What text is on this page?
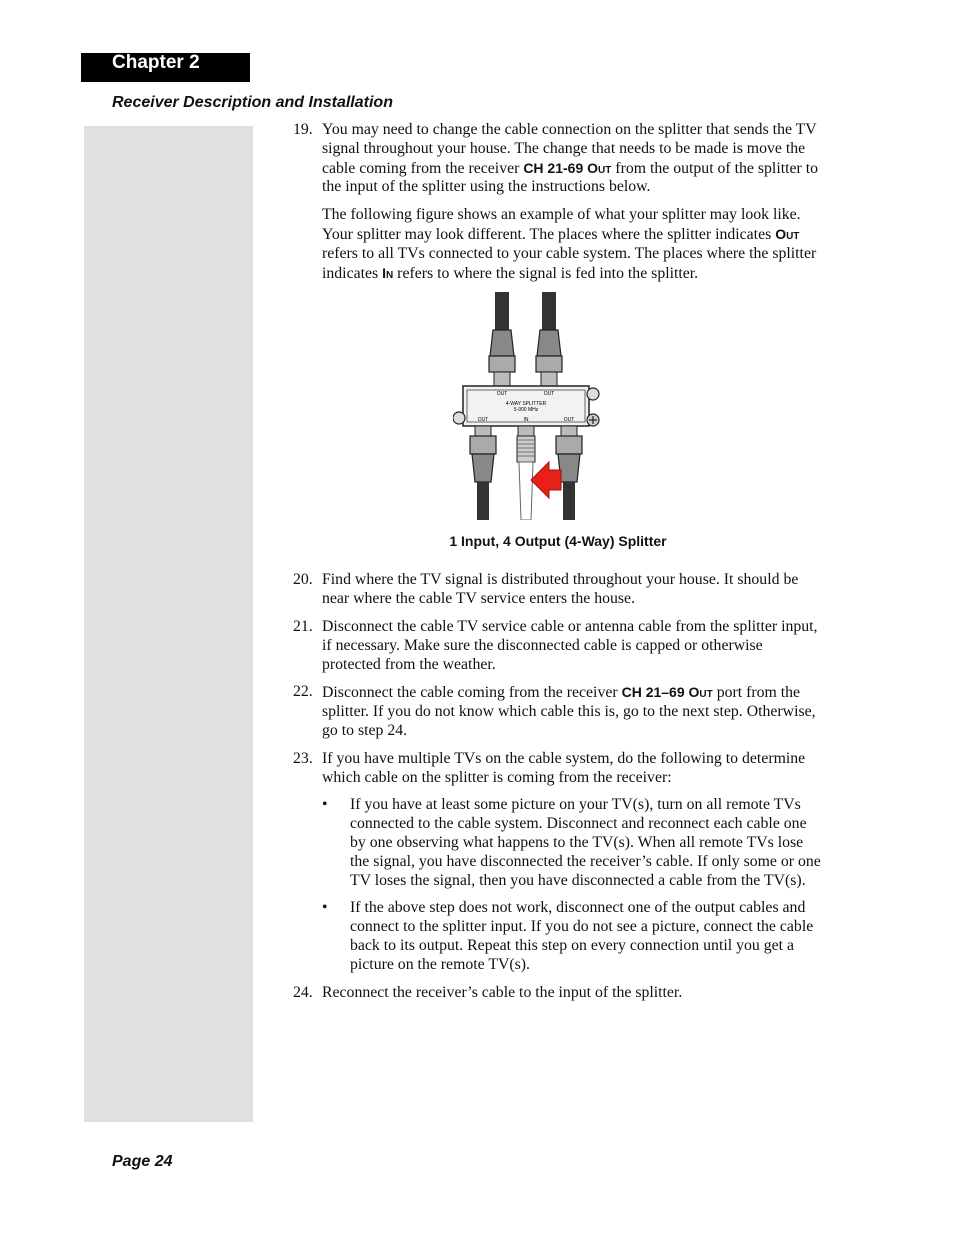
Chapter 2
Receiver Description and Installation
19. You may need to change the cable connection on the splitter that sends the TV signal throughout your house. The change that needs to be made is move the cable coming from the receiver CH 21-69 Out from the output of the splitter to the input of the splitter using the instructions below.

The following figure shows an example of what your splitter may look like. Your splitter may look different. The places where the splitter indicates Out refers to all TVs connected to your cable system. The places where the splitter indicates In refers to where the signal is fed into the splitter.

OUT	OUT
4-WAY SPLITTER
5-900 MHz
OUT	IN	OUT
1 Input, 4 Output (4-Way) Splitter
20. Find where the TV signal is distributed throughout your house. It should be near where the cable TV service enters the house.

21. Disconnect the cable TV service cable or antenna cable from the splitter input, if necessary. Make sure the disconnected cable is capped or otherwise protected from the weather.

22. Disconnect the cable coming from the receiver CH 21–69 Out port from the splitter. If you do not know which cable this is, go to the next step. Otherwise, go to step 24.

23. If you have multiple TVs on the cable system, do the following to determine which cable on the splitter is coming from the receiver:

• If you have at least some picture on your TV(s), turn on all remote TVs connected to the cable system. Disconnect and reconnect each cable one by one observing what happens to the TV(s). When all remote TVs lose the signal, you have disconnected the receiver’s cable. If only some or one TV loses the signal, then you have disconnected a cable from the TV(s).
• If the above step does not work, disconnect one of the output cables and connect to the splitter input. If you do not see a picture, connect the cable back to its output. Repeat this step on every connection until you get a picture on the remote TV(s).
24. Reconnect the receiver’s cable to the input of the splitter.

Page 24
